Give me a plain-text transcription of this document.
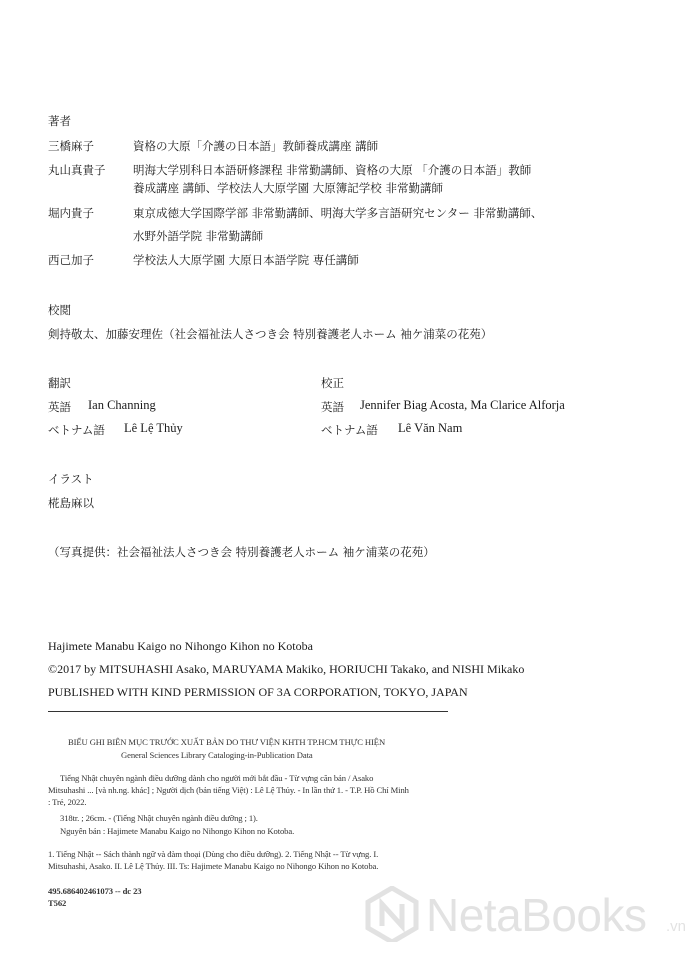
著者
三橋麻子	資格の大原「介護の日本語」教師養成講座 講師
丸山真貴子 明海大学別科日本語研修課程 非常勤講師、資格の大原 「介護の日本語」教師
養成講座 講師、学校法人大原学園 大原簿記学校 非常勤講師
堀内貴子	東京成徳大学国際学部 非常勤講師、明海大学多言語研究センター 非常勤講師、
水野外語学院 非常勤講師
西己加子	学校法人大原学園 大原日本語学院 専任講師
校閲
剣持敬太、加藤安理佐（社会福祉法人さつき会 特別養護老人ホーム 袖ケ浦菜の花苑）
翻訳
英語 Ian Channing
ベトナム語 Lê Lệ Thủy
校正
英語 Jennifer Biag Acosta, Ma Clarice Alforja
ベトナム語 Lê Văn Nam
イラスト
椛島麻以
（写真提供：社会福祉法人さつき会 特別養護老人ホーム 袖ケ浦菜の花苑）
Hajimete Manabu Kaigo no Nihongo Kihon no Kotoba
©2017 by MITSUHASHI Asako, MARUYAMA Makiko, HORIUCHI Takako, and NISHI Mikako
PUBLISHED WITH KIND PERMISSION OF 3A CORPORATION, TOKYO, JAPAN
BIỂU GHI BIÊN MỤC TRƯỚC XUẤT BẢN DO THƯ VIỆN KHTH TP.HCM THỰC HIỆN
General Sciences Library Cataloging-in-Publication Data
Tiếng Nhật chuyên ngành điều dưỡng dành cho người mới bắt đầu - Từ vựng căn bản / Asako
Mitsuhashi ... [và nh.ng. khác] ; Người dịch (bản tiếng Việt) : Lê Lệ Thủy. - In lần thứ 1. - T.P. Hồ Chí Minh
: Trẻ, 2022.
318tr. ; 26cm. - (Tiếng Nhật chuyên ngành điều dưỡng ; 1).
Nguyên bản : Hajimete Manabu Kaigo no Nihongo Kihon no Kotoba.
1. Tiếng Nhật -- Sách thành ngữ và đàm thoại (Dùng cho điều dưỡng). 2. Tiếng Nhật -- Từ vựng. I.
Mitsuhashi, Asako. II. Lê Lệ Thủy. III. Ts: Hajimete Manabu Kaigo no Nihongo Kihon no Kotoba.
495.686402461073 -- dc 23
T562	NetaBooks .vn
